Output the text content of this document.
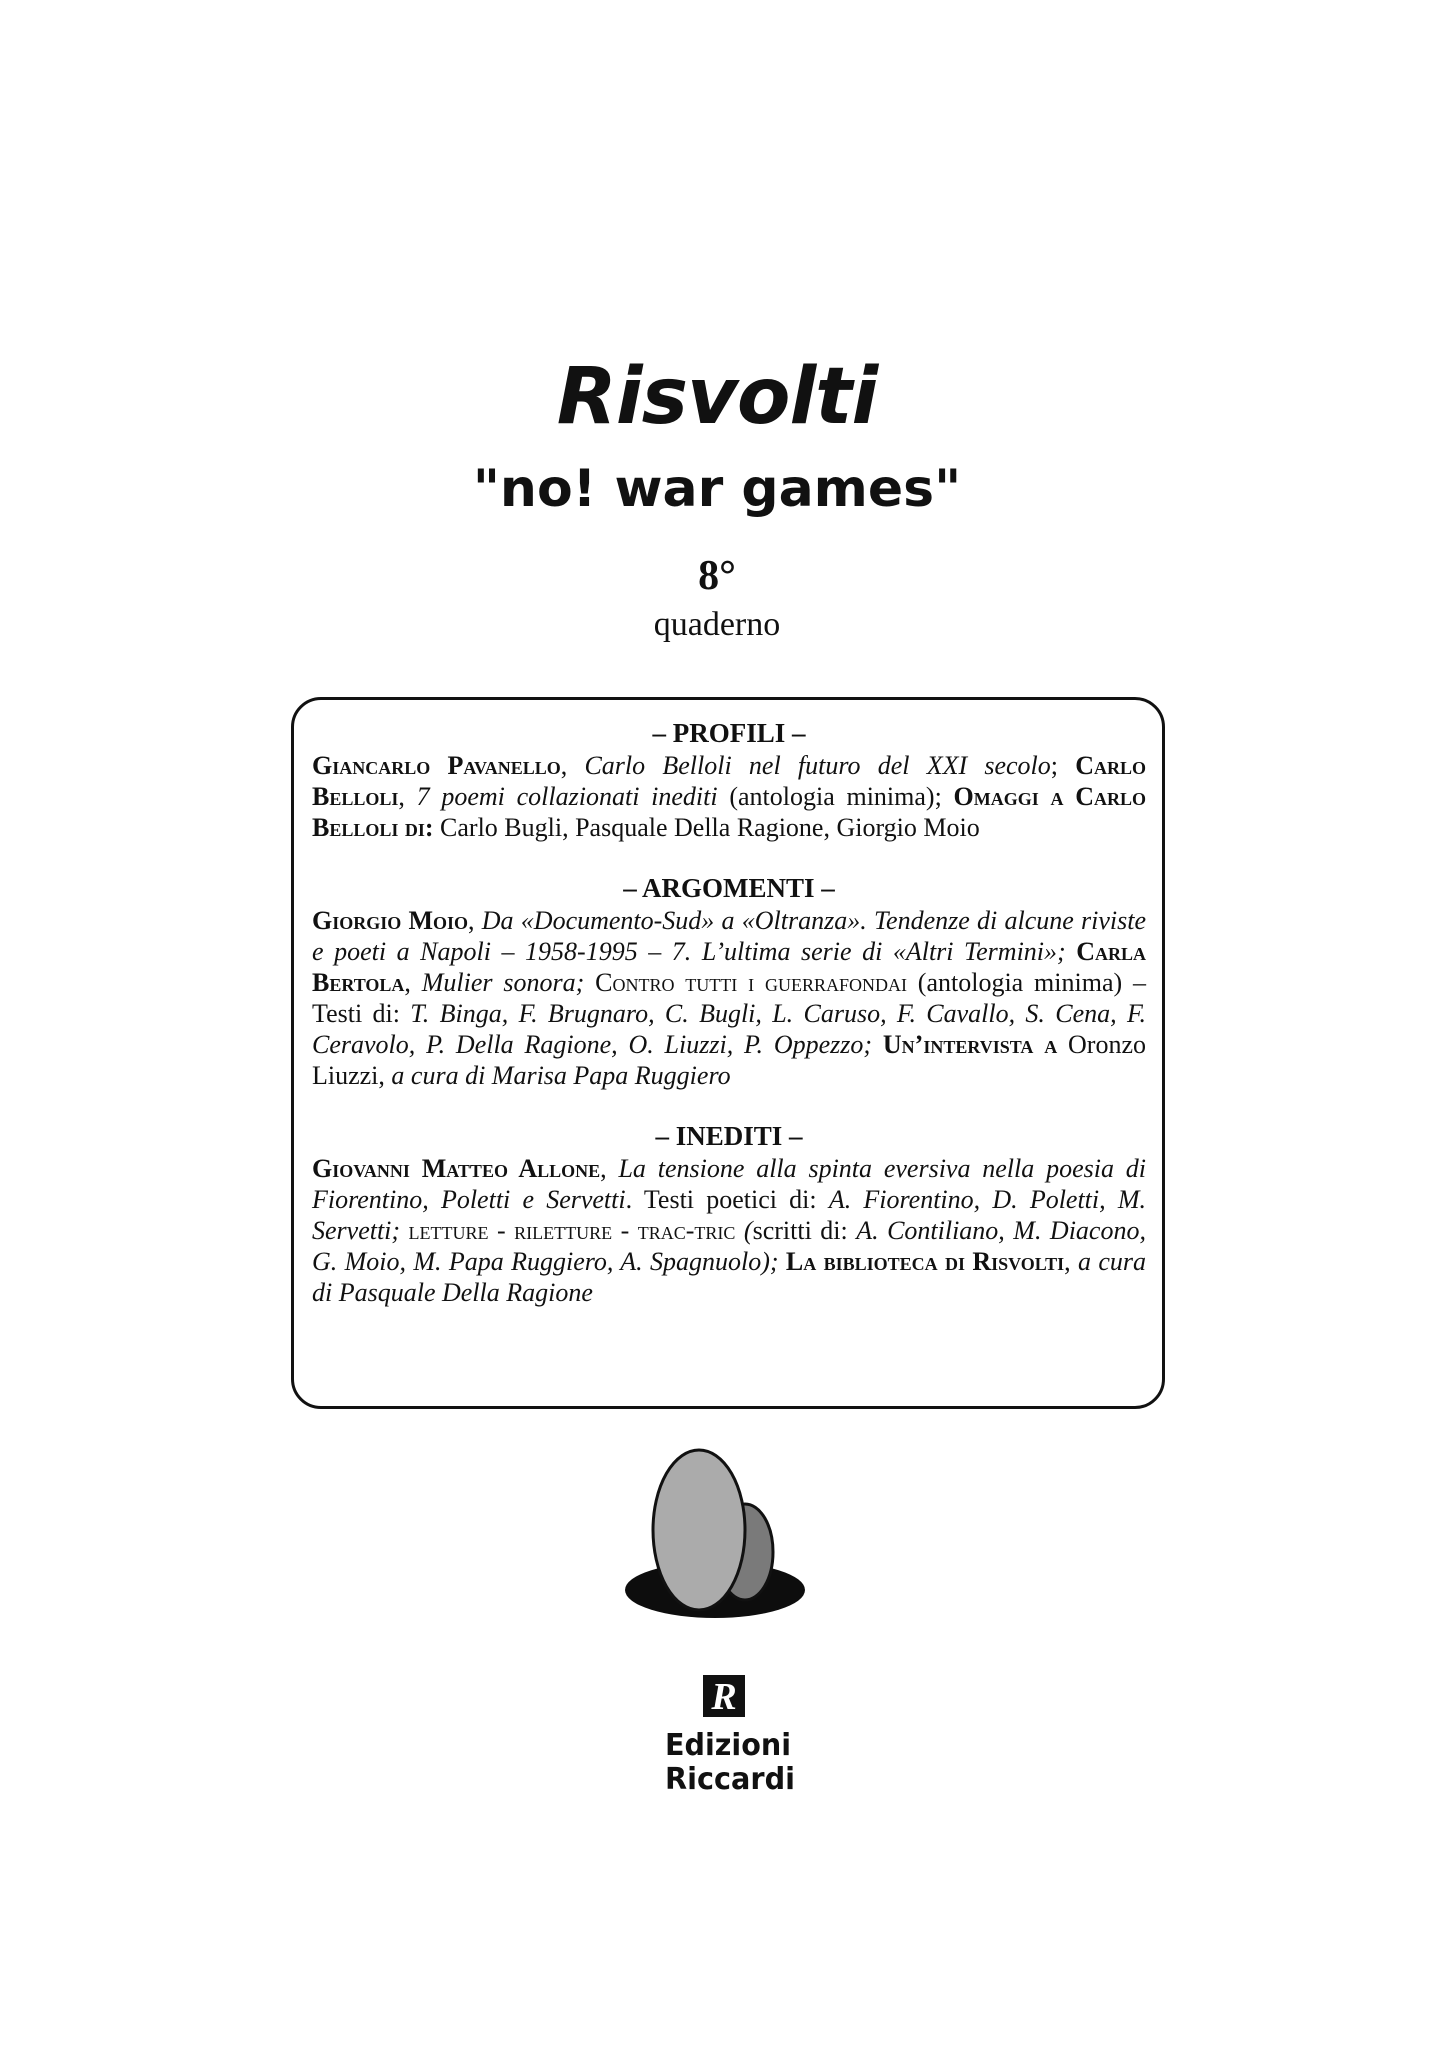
Risvolti
"no! war games"
8°
quaderno

– PROFILI –

Giancarlo Pavanello, Carlo Belloli nel futuro del XXI secolo; Carlo Belloli, 7 poemi collazionati inediti (antologia minima); Omaggi a Carlo Belloli di: Carlo Bugli, Pasquale Della Ragione, Giorgio Moio

– ARGOMENTI –

Giorgio Moio, Da «Documento-Sud» a «Oltranza». Tendenze di alcune riviste e poeti a Napoli – 1958-1995 – 7. L’ultima serie di «Altri Termini»; Carla Bertola, Mulier sonora; Contro tutti i guerrafondai (antologia minima) – Testi di: T. Binga, F. Brugnaro, C. Bugli, L. Caruso, F. Cavallo, S. Cena, F. Ceravolo, P. Della Ragione, O. Liuzzi, P. Oppezzo; Un’intervista a Oronzo Liuzzi, a cura di Marisa Papa Ruggiero

– INEDITI –

Giovanni Matteo Allone, La tensione alla spinta eversiva nella poesia di Fiorentino, Poletti e Servetti. Testi poetici di: A. Fiorentino, D. Poletti, M. Servetti; letture - riletture - trac-tric (scritti di: A. Contiliano, M. Diacono, G. Moio, M. Papa Ruggiero, A. Spagnuolo); La biblioteca di Risvolti, a cura di Pasquale Della Ragione

R
Edizioni
Riccardi
